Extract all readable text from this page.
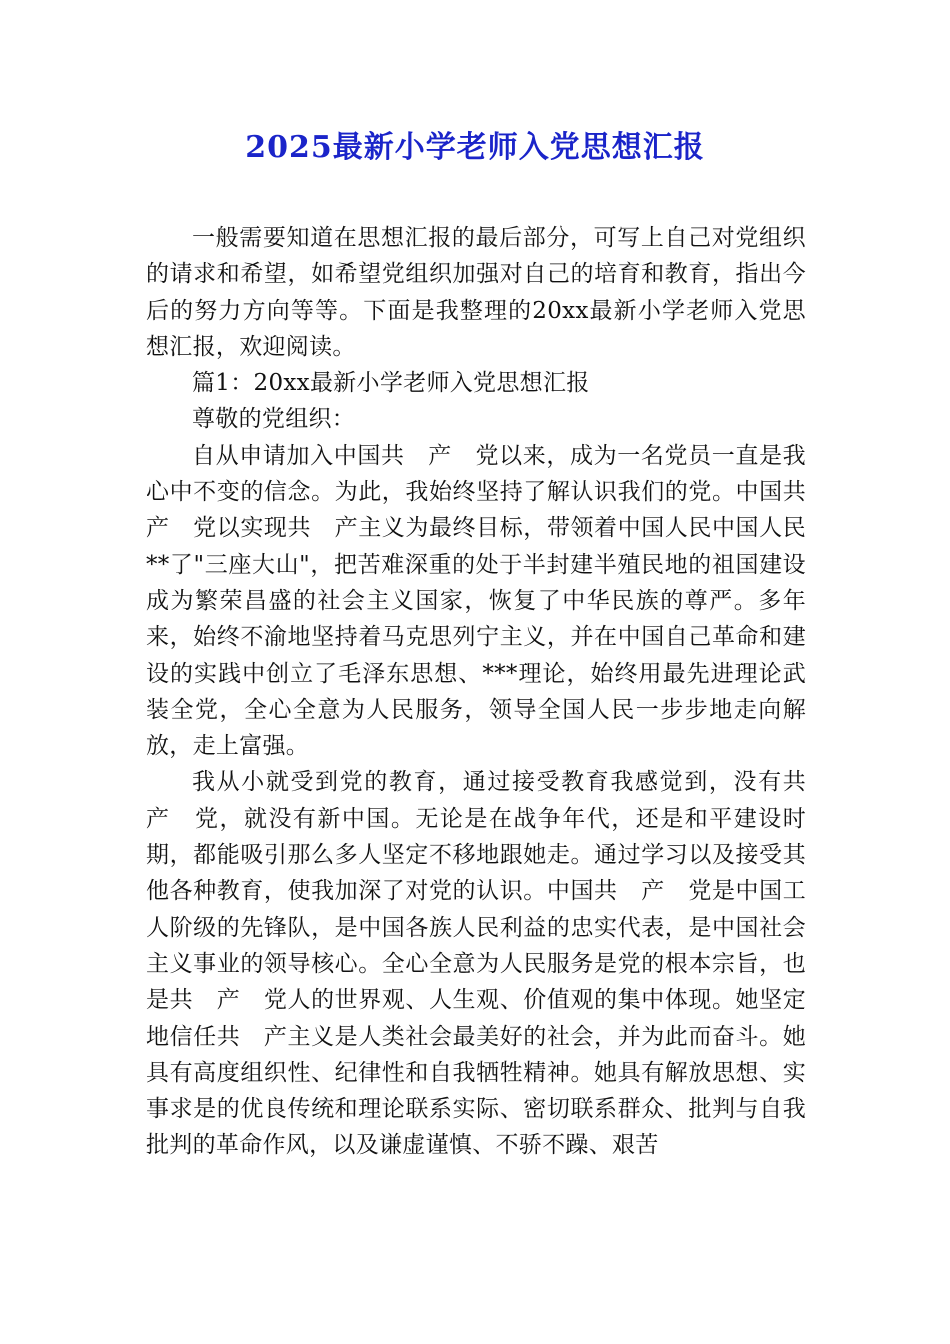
2025最新小学老师入党思想汇报

一般需要知道在思想汇报的最后部分，可写上自己对党组织的请求和希望，如希望党组织加强对自己的培育和教育，指出今后的努力方向等等。下面是我整理的20xx最新小学老师入党思想汇报，欢迎阅读。

篇1：20xx最新小学老师入党思想汇报

尊敬的党组织：

自从申请加入中国共　产　党以来，成为一名党员一直是我心中不变的信念。为此，我始终坚持了解认识我们的党。中国共　产　党以实现共　产主义为最终目标，带领着中国人民中国人民**了"三座大山"，把苦难深重的处于半封建半殖民地的祖国建设成为繁荣昌盛的社会主义国家，恢复了中华民族的尊严。多年来，始终不渝地坚持着马克思列宁主义，并在中国自己革命和建设的实践中创立了毛泽东思想、***理论，始终用最先进理论武装全党，全心全意为人民服务，领导全国人民一步步地走向解放，走上富强。

我从小就受到党的教育，通过接受教育我感觉到，没有共　产　党，就没有新中国。无论是在战争年代，还是和平建设时期，都能吸引那么多人坚定不移地跟她走。通过学习以及接受其他各种教育，使我加深了对党的认识。中国共　产　党是中国工人阶级的先锋队，是中国各族人民利益的忠实代表，是中国社会主义事业的领导核心。全心全意为人民服务是党的根本宗旨，也是共　产　党人的世界观、人生观、价值观的集中体现。她坚定地信任共　产主义是人类社会最美好的社会，并为此而奋斗。她具有高度组织性、纪律性和自我牺牲精神。她具有解放思想、实事求是的优良传统和理论联系实际、密切联系群众、批判与自我批判的革命作风，以及谦虚谨慎、不骄不躁、艰苦
